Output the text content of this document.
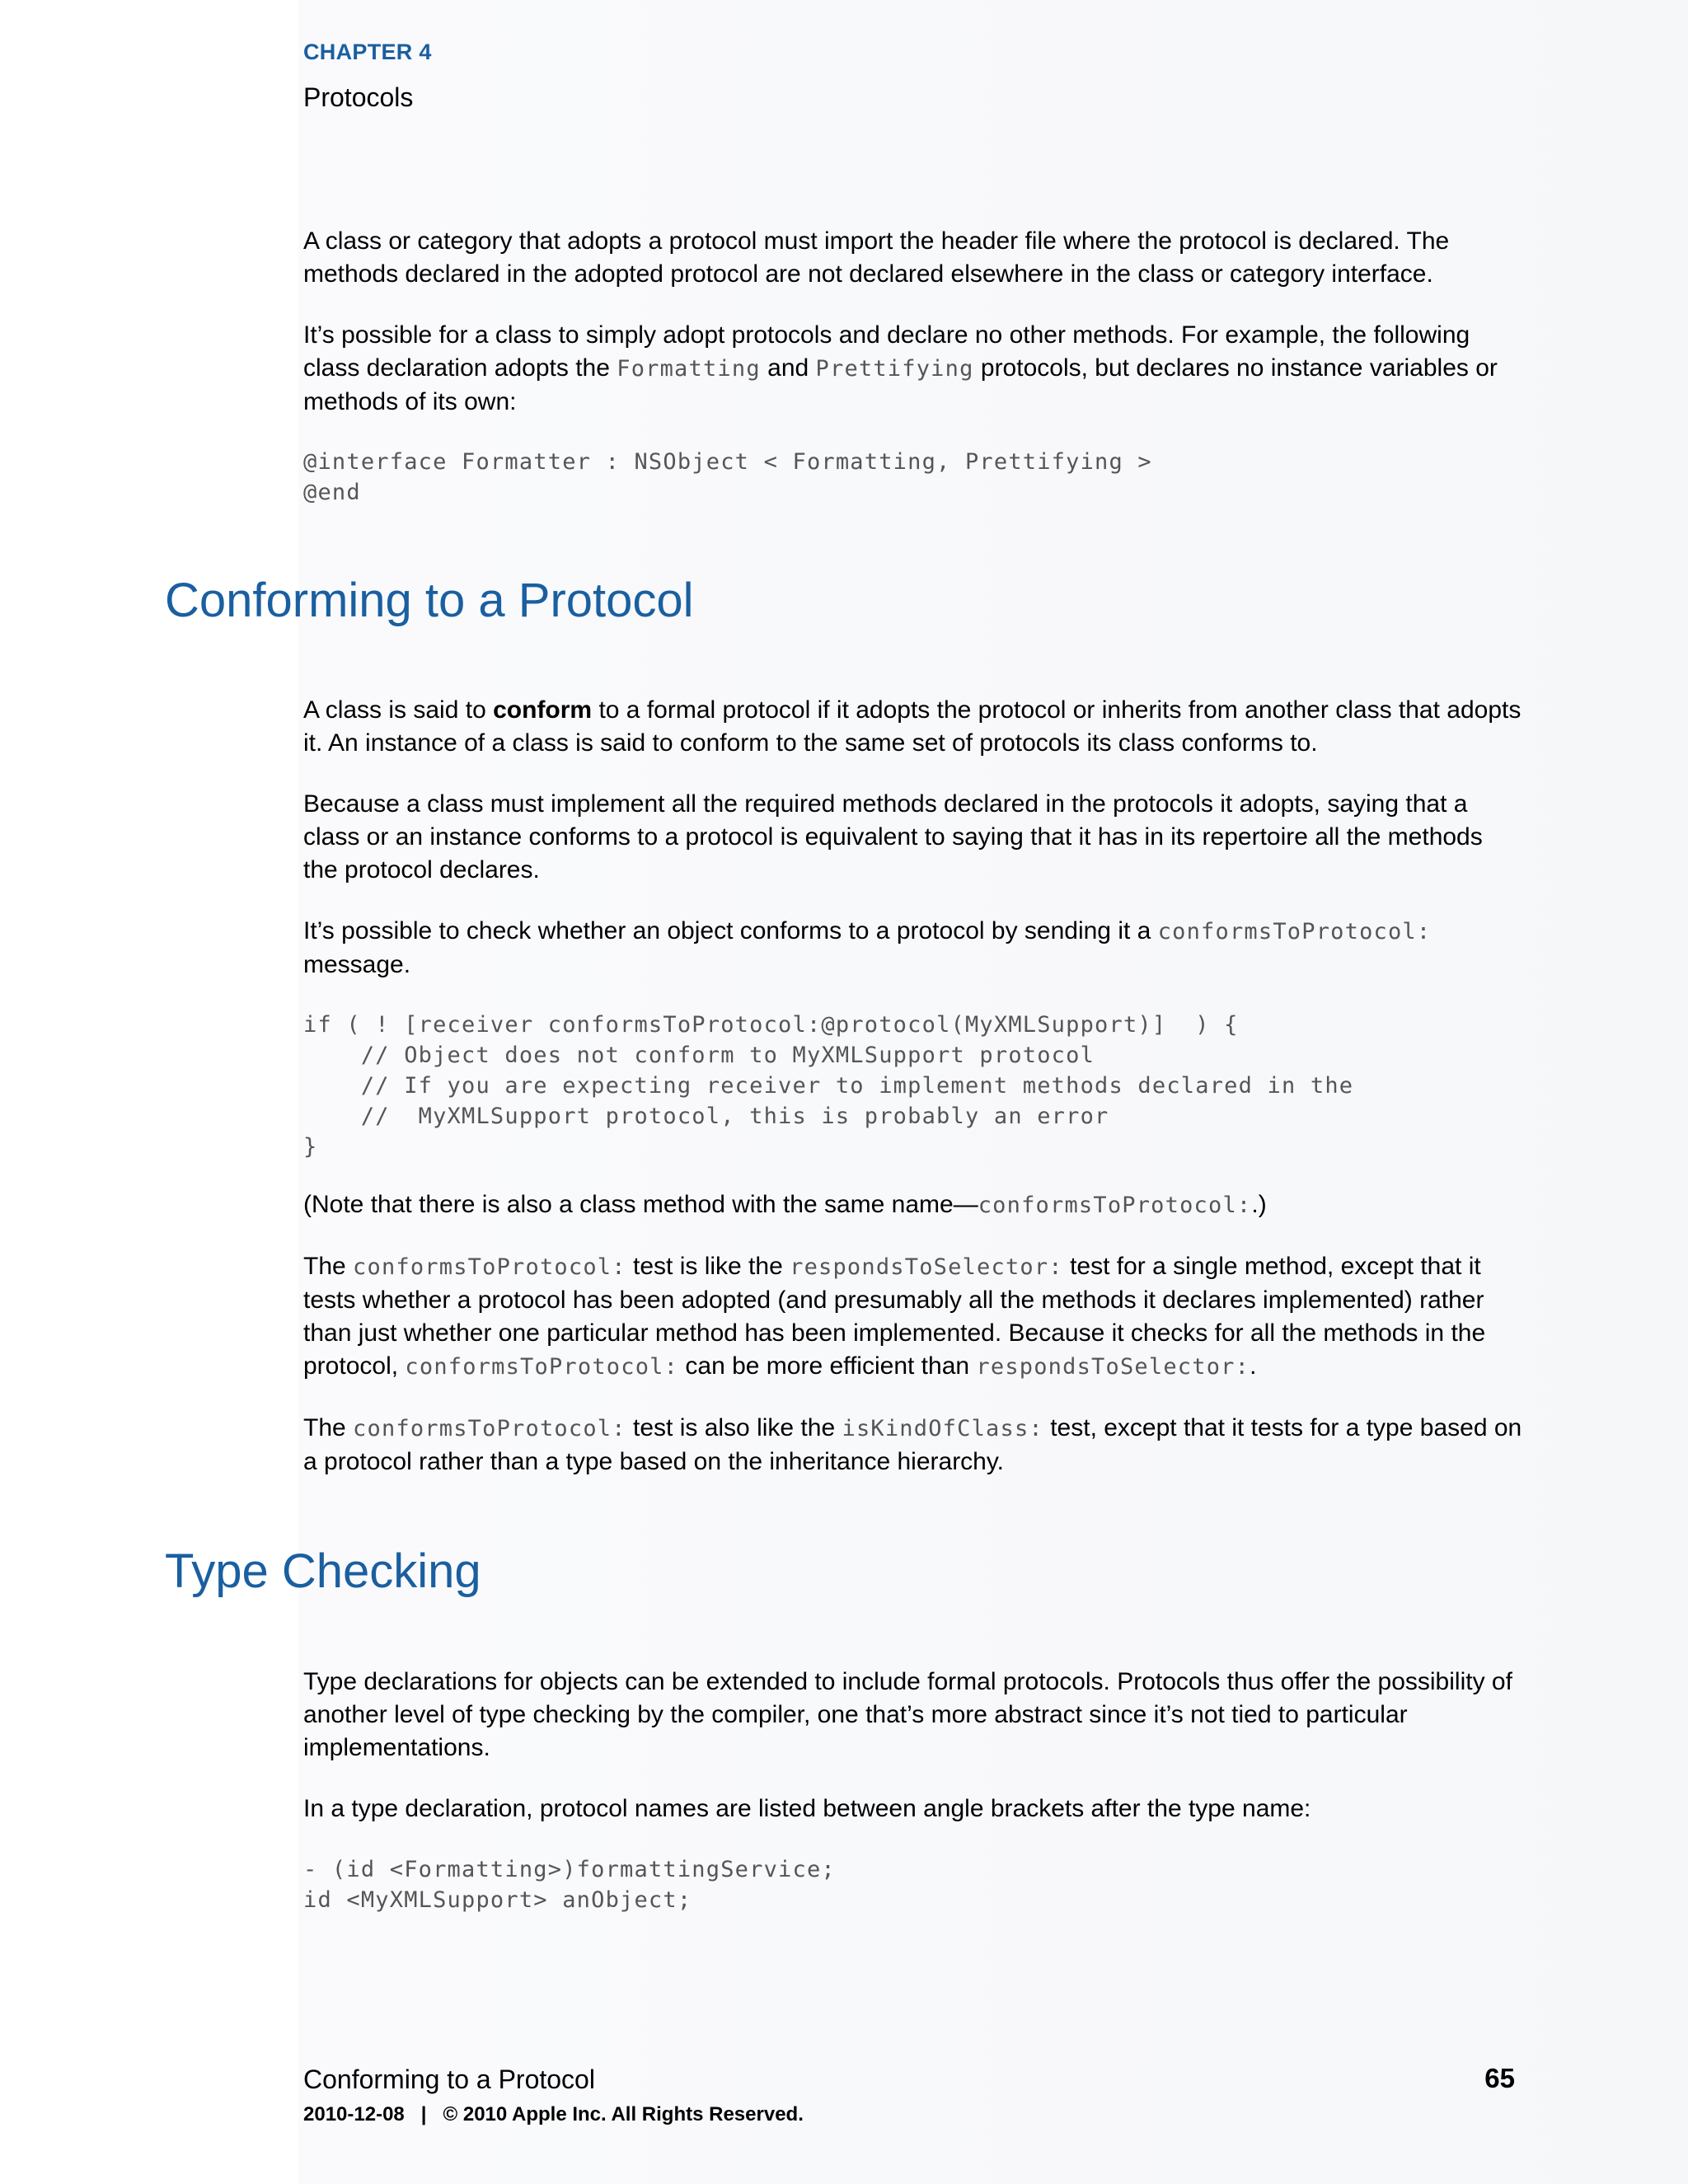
CHAPTER 4
Protocols

A class or category that adopts a protocol must import the header file where the protocol is declared. The methods declared in the adopted protocol are not declared elsewhere in the class or category interface.

It’s possible for a class to simply adopt protocols and declare no other methods. For example, the following class declaration adopts the Formatting and Prettifying protocols, but declares no instance variables or methods of its own:

@interface Formatter : NSObject < Formatting, Prettifying >
@end
Conforming to a Protocol

A class is said to conform to a formal protocol if it adopts the protocol or inherits from another class that adopts it. An instance of a class is said to conform to the same set of protocols its class conforms to.

Because a class must implement all the required methods declared in the protocols it adopts, saying that a class or an instance conforms to a protocol is equivalent to saying that it has in its repertoire all the methods the protocol declares.

It’s possible to check whether an object conforms to a protocol by sending it a conformsToProtocol: message.

if ( ! [receiver conformsToProtocol:@protocol(MyXMLSupport)]  ) {
// Object does not conform to MyXMLSupport protocol
// If you are expecting receiver to implement methods declared in the
//  MyXMLSupport protocol, this is probably an error
}

(Note that there is also a class method with the same name—conformsToProtocol:.)

The conformsToProtocol: test is like the respondsToSelector: test for a single method, except that it tests whether a protocol has been adopted (and presumably all the methods it declares implemented) rather than just whether one particular method has been implemented. Because it checks for all the methods in the protocol, conformsToProtocol: can be more efficient than respondsToSelector:.

The conformsToProtocol: test is also like the isKindOfClass: test, except that it tests for a type based on a protocol rather than a type based on the inheritance hierarchy.

Type Checking

Type declarations for objects can be extended to include formal protocols. Protocols thus offer the possibility of another level of type checking by the compiler, one that’s more abstract since it’s not tied to particular implementations.

In a type declaration, protocol names are listed between angle brackets after the type name:

- (id <Formatting>)formattingService;
id <MyXMLSupport> anObject;
Conforming to a Protocol	65
2010-12-08   |   © 2010 Apple Inc. All Rights Reserved.
